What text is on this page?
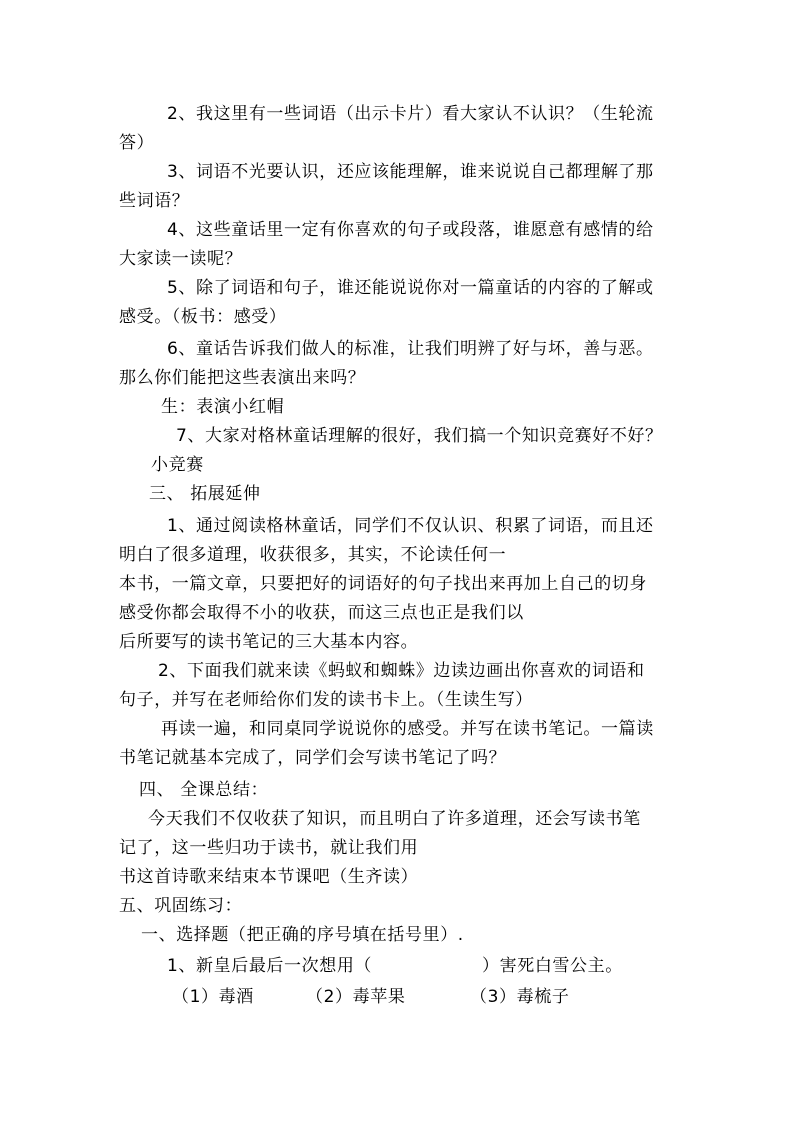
2、我这里有一些词语（出示卡片）看大家认不认识？（生轮流
答）
3、词语不光要认识，还应该能理解，谁来说说自己都理解了那
些词语？
4、这些童话里一定有你喜欢的句子或段落，谁愿意有感情的给
大家读一读呢？
5、除了词语和句子，谁还能说说你对一篇童话的内容的了解或
感受。（板书：感受）
6、童话告诉我们做人的标准，让我们明辨了好与坏，善与恶。
那么你们能把这些表演出来吗？
生：表演小红帽
7、大家对格林童话理解的很好，我们搞一个知识竞赛好不好？
小竞赛
三、 拓展延伸
1、通过阅读格林童话，同学们不仅认识、积累了词语，而且还
明白了很多道理，收获很多，其实，不论读任何一
本书，一篇文章，只要把好的词语好的句子找出来再加上自己的切身
感受你都会取得不小的收获，而这三点也正是我们以
后所要写的读书笔记的三大基本内容。
2、下面我们就来读《蚂蚁和蜘蛛》边读边画出你喜欢的词语和
句子，并写在老师给你们发的读书卡上。（生读生写）
再读一遍，和同桌同学说说你的感受。并写在读书笔记。一篇读
书笔记就基本完成了，同学们会写读书笔记了吗？
四、 全课总结：
今天我们不仅收获了知识，而且明白了许多道理，还会写读书笔
记了，这一些归功于读书，就让我们用
书这首诗歌来结束本节课吧（生齐读）
五、巩固练习：
一、选择题（把正确的序号填在括号里）.
1、新皇后最后一次想用（	）害死白雪公主。
（1）毒酒	（2）毒苹果	（3）毒梳子
